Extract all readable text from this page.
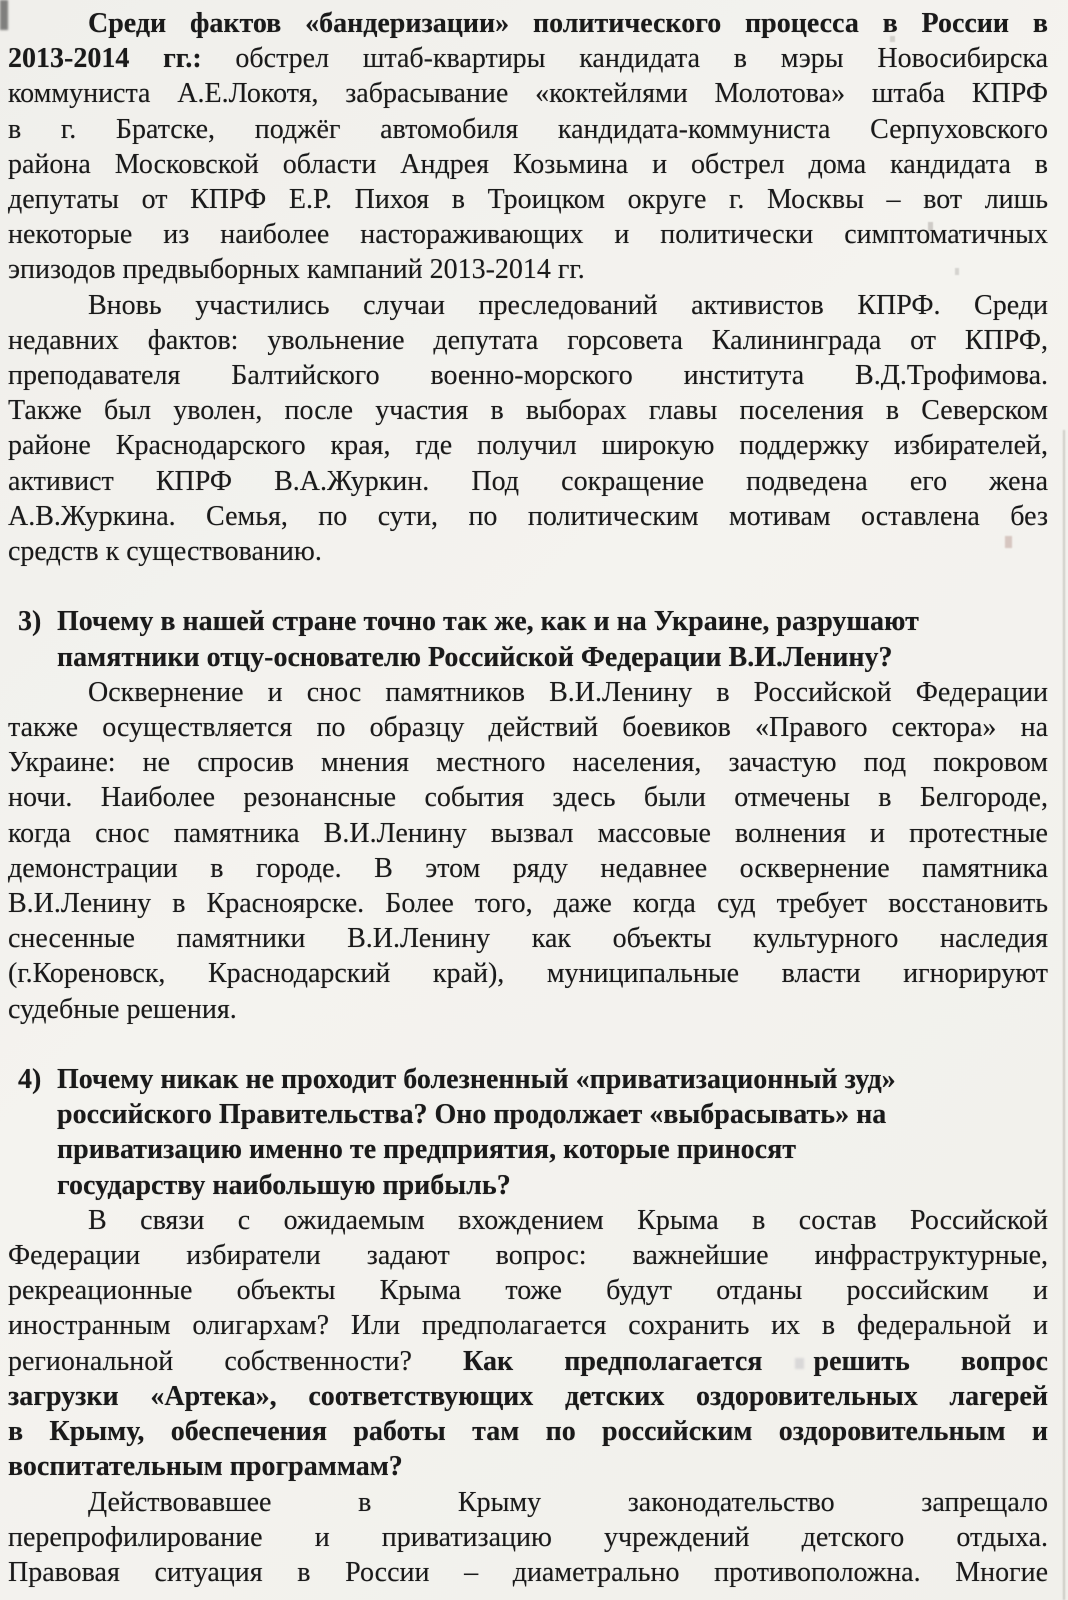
Среди фактов «бандеризации» политического процесса в России в
2013-2014 гг.: обстрел штаб-квартиры кандидата в мэры Новосибирска
коммуниста А.Е.Локотя, забрасывание «коктейлями Молотова» штаба КПРФ
в г. Братске, поджёг автомобиля кандидата-коммуниста Серпуховского
района Московской области Андрея Козьмина и обстрел дома кандидата в
депутаты от КПРФ Е.Р. Пихоя в Троицком округе г. Москвы – вот лишь
некоторые из наиболее настораживающих и политически симптоматичных
эпизодов предвыборных кампаний 2013-2014 гг.
Вновь участились случаи преследований активистов КПРФ. Среди
недавних фактов: увольнение депутата горсовета Калининграда от КПРФ,
преподавателя Балтийского военно-морского института В.Д.Трофимова.
Также был уволен, после участия в выборах главы поселения в Северском
районе Краснодарского края, где получил широкую поддержку избирателей,
активист КПРФ В.А.Журкин. Под сокращение подведена его жена
А.В.Журкина. Семья, по сути, по политическим мотивам оставлена без
средств к существованию.
3) Почему в нашей стране точно так же, как и на Украине, разрушают
памятники отцу-основателю Российской Федерации В.И.Ленину?
Осквернение и снос памятников В.И.Ленину в Российской Федерации
также осуществляется по образцу действий боевиков «Правого сектора» на
Украине: не спросив мнения местного населения, зачастую под покровом
ночи. Наиболее резонансные события здесь были отмечены в Белгороде,
когда снос памятника В.И.Ленину вызвал массовые волнения и протестные
демонстрации в городе. В этом ряду недавнее осквернение памятника
В.И.Ленину в Красноярске. Более того, даже когда суд требует восстановить
снесенные памятники В.И.Ленину как объекты культурного наследия
(г.Кореновск, Краснодарский край), муниципальные власти игнорируют
судебные решения.
4) Почему никак не проходит болезненный «приватизационный зуд»
российского Правительства? Оно продолжает «выбрасывать» на
приватизацию именно те предприятия, которые приносят
государству наибольшую прибыль?
В связи с ожидаемым вхождением Крыма в состав Российской
Федерации избиратели задают вопрос: важнейшие инфраструктурные,
рекреационные объекты Крыма тоже будут отданы российским и
иностранным олигархам? Или предполагается сохранить их в федеральной и
региональной собственности? Как предполагается решить вопрос
загрузки «Артека», соответствующих детских оздоровительных лагерей
в Крыму, обеспечения работы там по российским оздоровительным и
воспитательным программам?
Действовавшее в Крыму законодательство запрещало
перепрофилирование и приватизацию учреждений детского отдыха.
Правовая ситуация в России – диаметрально противоположна. Многие
